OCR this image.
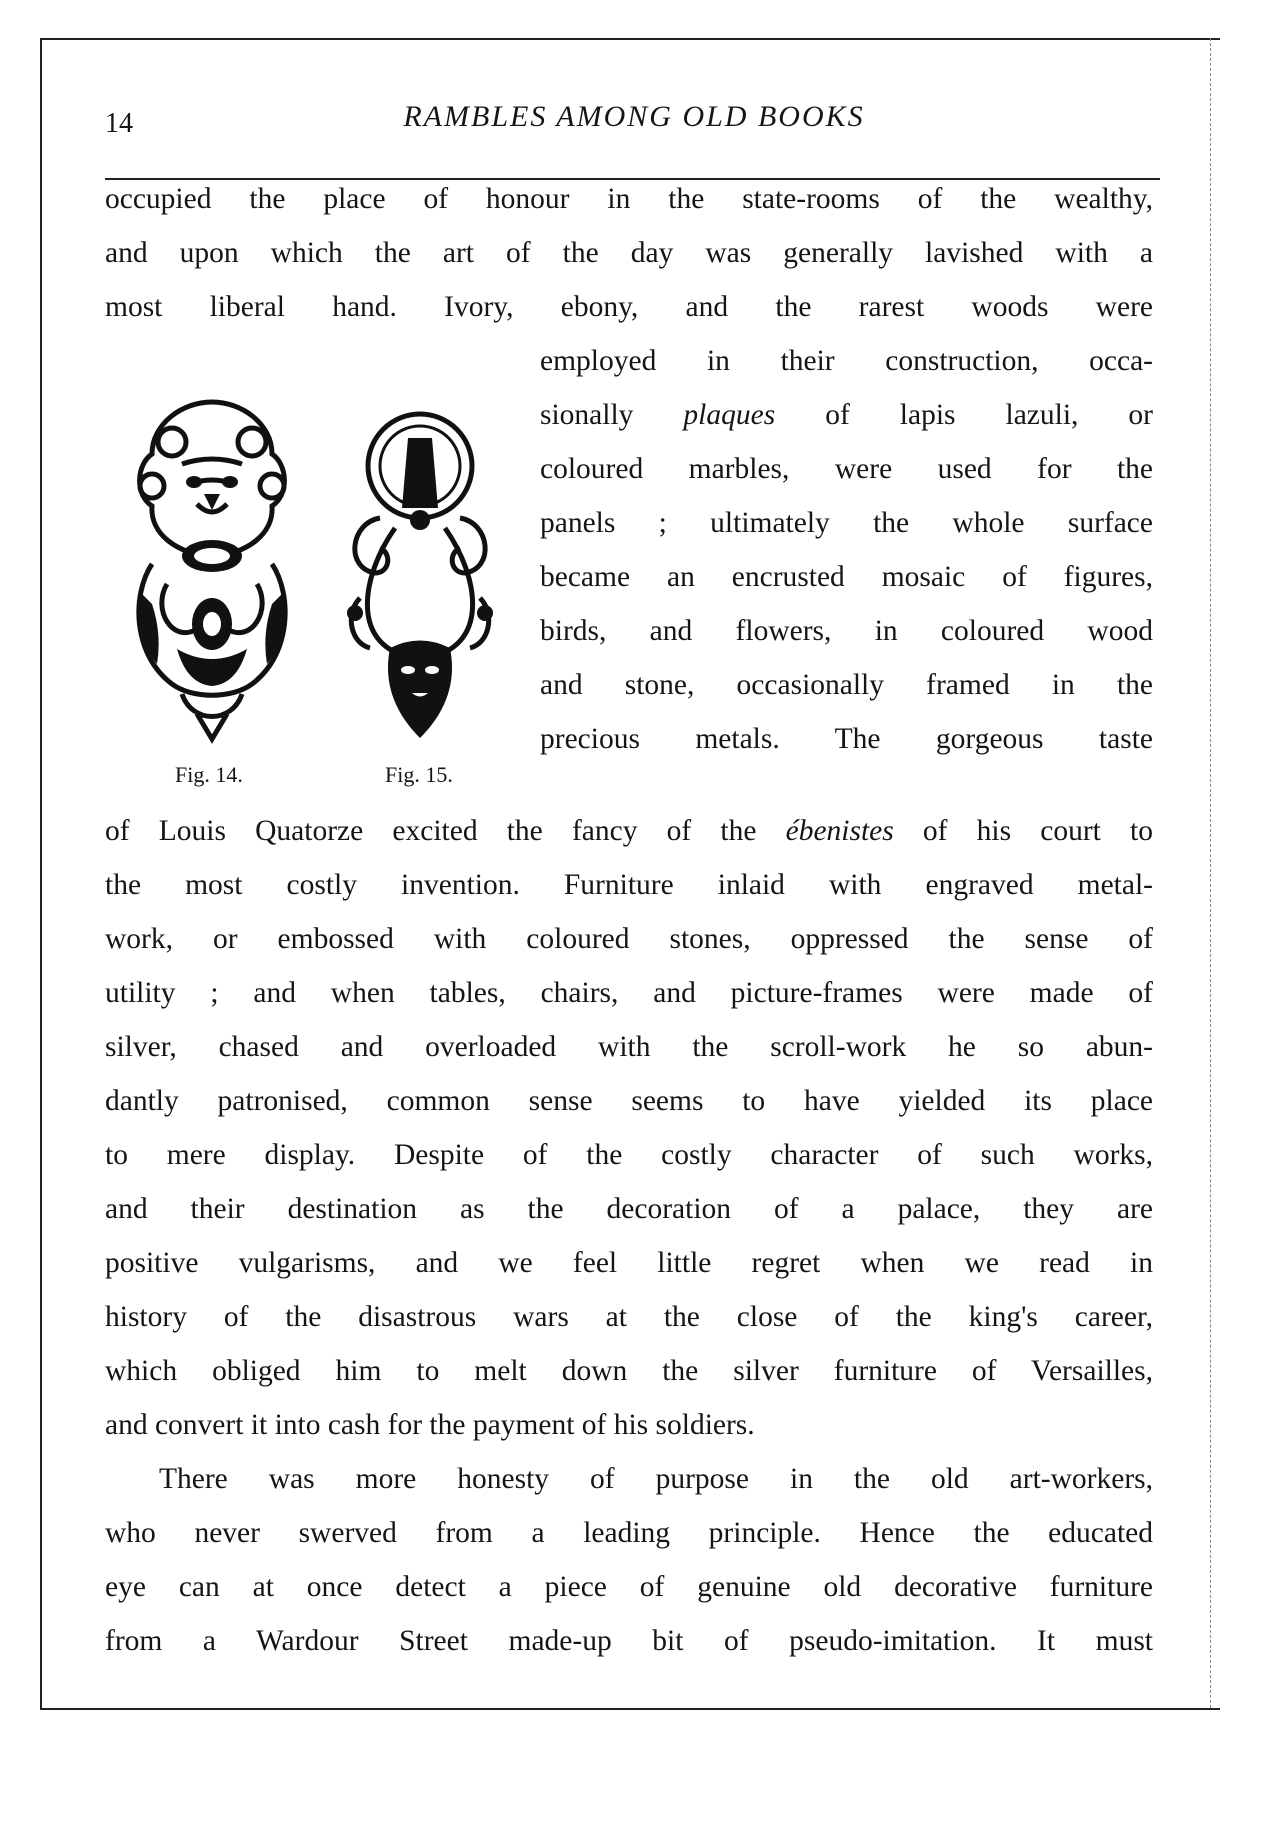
14	RAMBLES AMONG OLD BOOKS
occupied the place of honour in the state-rooms of the wealthy,
and upon which the art of the day was generally lavished with a
most liberal hand. Ivory, ebony, and the rarest woods were
employed in their construction, occa-
sionally plaques of lapis lazuli, or
coloured marbles, were used for the
panels ; ultimately the whole surface
became an encrusted mosaic of figures,
birds, and flowers, in coloured wood
and stone, occasionally framed in the
precious metals. The gorgeous taste
Fig. 14.	Fig. 15.
of Louis Quatorze excited the fancy of the ébenistes of his court to
the most costly invention. Furniture inlaid with engraved metal-
work, or embossed with coloured stones, oppressed the sense of
utility ; and when tables, chairs, and picture-frames were made of
silver, chased and overloaded with the scroll-work he so abun-
dantly patronised, common sense seems to have yielded its place
to mere display. Despite of the costly character of such works,
and their destination as the decoration of a palace, they are
positive vulgarisms, and we feel little regret when we read in
history of the disastrous wars at the close of the king's career,
which obliged him to melt down the silver furniture of Versailles,
and convert it into cash for the payment of his soldiers.
There was more honesty of purpose in the old art-workers,
who never swerved from a leading principle. Hence the educated
eye can at once detect a piece of genuine old decorative furniture
from a Wardour Street made-up bit of pseudo-imitation. It must
